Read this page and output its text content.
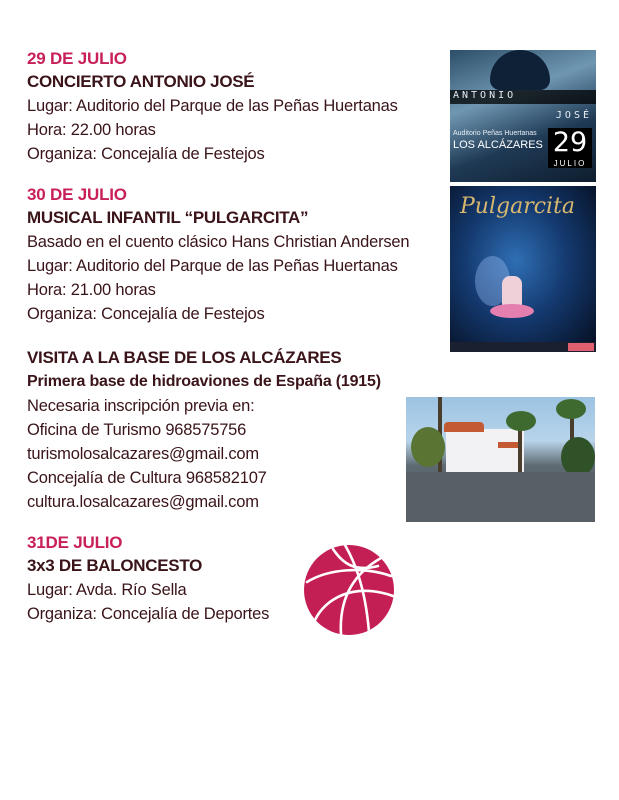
29 DE JULIO
CONCIERTO ANTONIO JOSÉ
Lugar: Auditorio del Parque de las Peñas Huertanas
Hora: 22.00 horas
Organiza: Concejalía de Festejos
ANTONIO
JOSÉ
Auditorio Peñas Huertanas
LOS ALCÁZARES 29
JULIO
30 DE JULIO
MUSICAL INFANTIL “PULGARCITA”
Basado en el cuento clásico Hans Christian Andersen
Lugar: Auditorio del Parque de las Peñas Huertanas
Hora: 21.00 horas
Organiza: Concejalía de Festejos
Pulgarcita
VISITA A LA BASE DE LOS ALCÁZARES
Primera base de hidroaviones de España (1915)
Necesaria inscripción previa en:
Oficina de Turismo 968575756
turismolosalcazares@gmail.com
Concejalía de Cultura 968582107
cultura.losalcazares@gmail.com
31DE JULIO
3x3 DE BALONCESTO
Lugar: Avda. Río Sella
Organiza: Concejalía de Deportes
